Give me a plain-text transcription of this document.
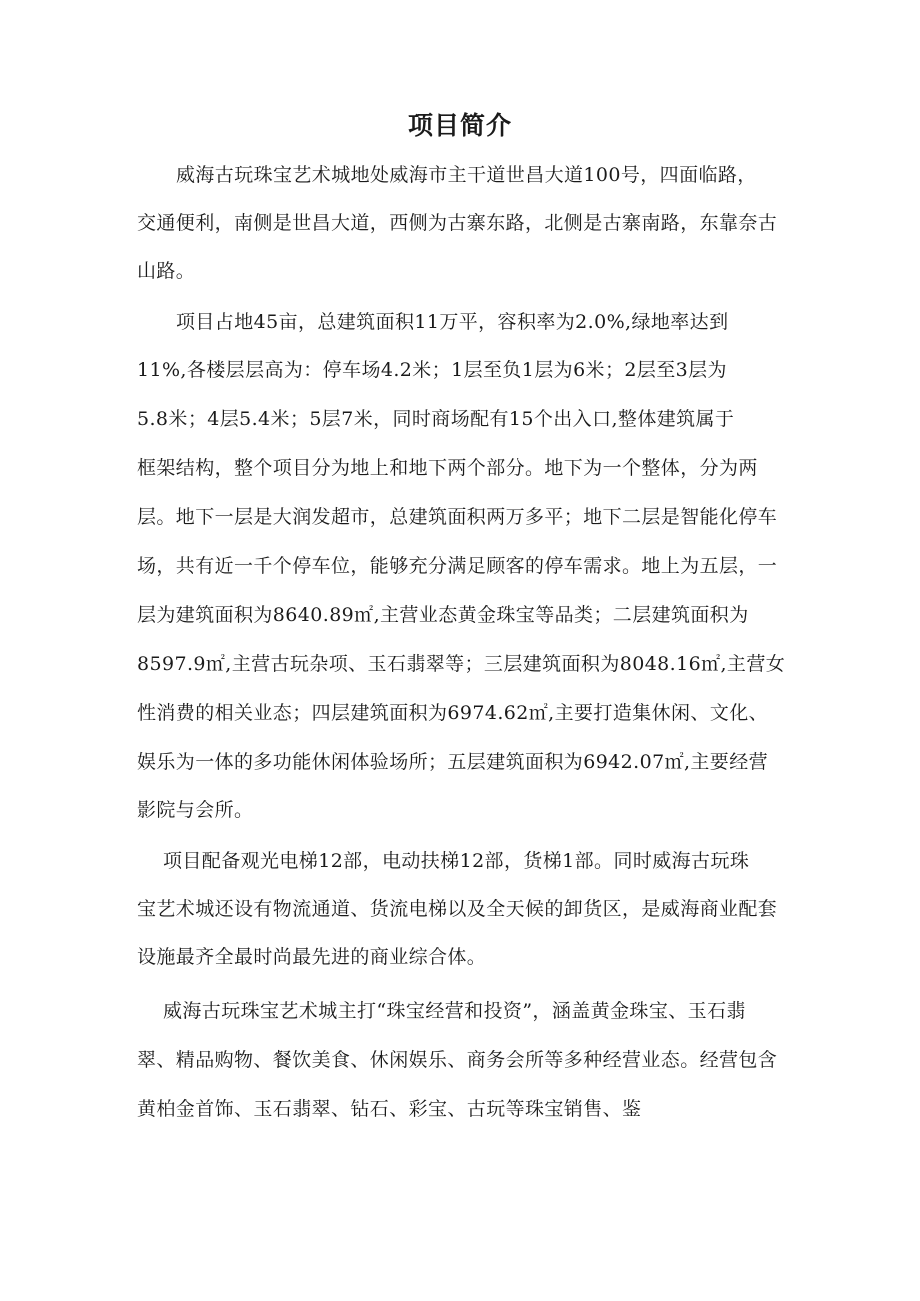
项目简介
威海古玩珠宝艺术城地处威海市主干道世昌大道100号，四面临路，
交通便利，南侧是世昌大道，西侧为古寨东路，北侧是古寨南路，东靠奈古
山路。
项目占地45亩，总建筑面积11万平，容积率为2.0%,绿地率达到
11%,各楼层层高为：停车场4.2米；1层至负1层为6米；2层至3层为
5.8米；4层5.4米；5层7米，同时商场配有15个出入口,整体建筑属于
框架结构，整个项目分为地上和地下两个部分。地下为一个整体，分为两
层。地下一层是大润发超市，总建筑面积两万多平；地下二层是智能化停车
场，共有近一千个停车位，能够充分满足顾客的停车需求。地上为五层，一
层为建筑面积为8640.89㎡,主营业态黄金珠宝等品类；二层建筑面积为
8597.9㎡,主营古玩杂项、玉石翡翠等；三层建筑面积为8048.16㎡,主营女
性消费的相关业态；四层建筑面积为6974.62㎡,主要打造集休闲、文化、
娱乐为一体的多功能休闲体验场所；五层建筑面积为6942.07㎡,主要经营
影院与会所。
项目配备观光电梯12部，电动扶梯12部，货梯1部。同时威海古玩珠
宝艺术城还设有物流通道、货流电梯以及全天候的卸货区，是威海商业配套
设施最齐全最时尚最先进的商业综合体。
威海古玩珠宝艺术城主打“珠宝经营和投资”，涵盖黄金珠宝、玉石翡
翠、精品购物、餐饮美食、休闲娱乐、商务会所等多种经营业态。经营包含
黄柏金首饰、玉石翡翠、钻石、彩宝、古玩等珠宝销售、鉴
